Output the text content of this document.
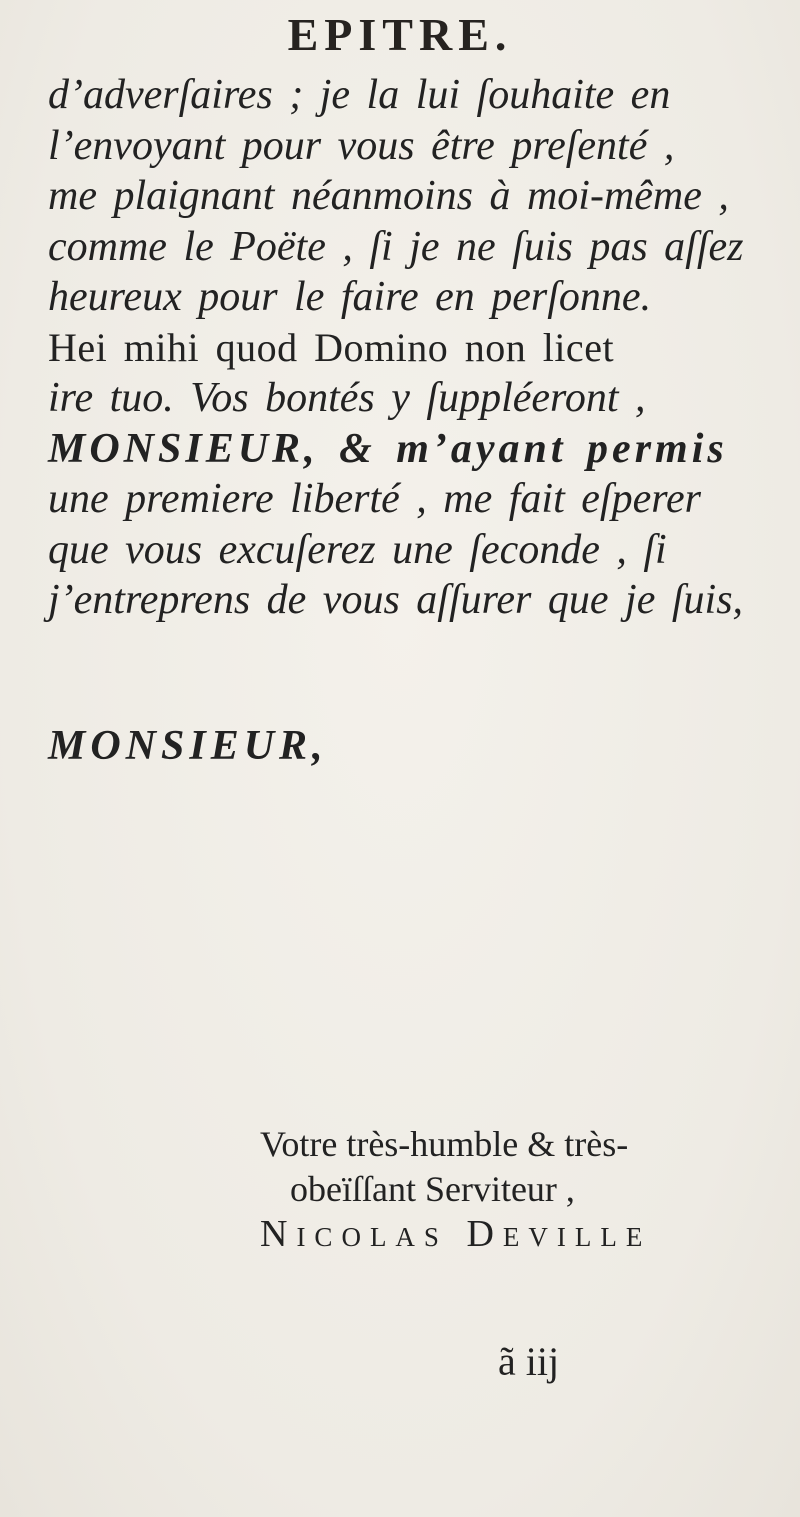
EPITRE.
d’adverſaires ; je la lui ſouhaite en
l’envoyant pour vous être preſenté ,
me plaignant néanmoins à moi-même ,
comme le Poëte , ſi je ne ſuis pas aſſez
heureux pour le faire en perſonne.
Hei mihi quod Domino non licet
ire tuo. Vos bontés y ſuppléeront ,
MONSIEUR, & m’ayant permis
une premiere liberté , me fait eſperer
que vous excuſerez une ſeconde , ſi
j’entreprens de vous aſſurer que je ſuis,
MONSIEUR,
Votre très-humble & très-
obeïſſant Serviteur ,
Nicolas Deville
ã iij
